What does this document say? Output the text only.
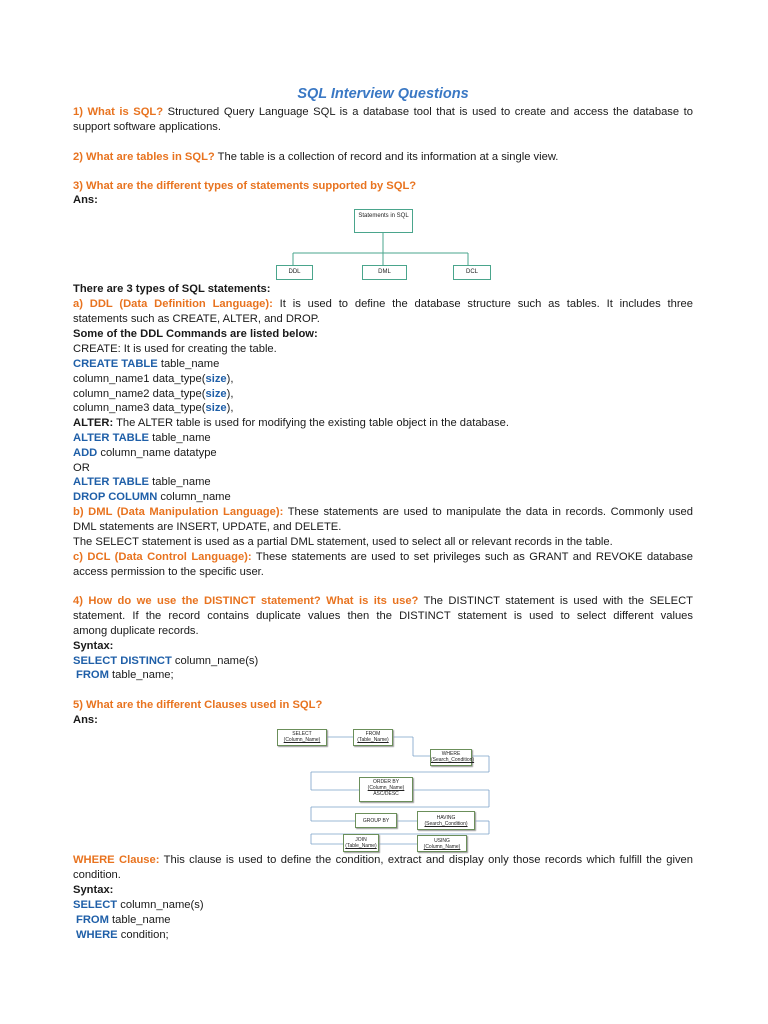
SQL Interview Questions
1) What is SQL? Structured Query Language SQL is a database tool that is used to create and access the database to
support software applications.
2) What are tables in SQL? The table is a collection of record and its information at a single view.
3) What are the different types of statements supported by SQL?
Ans:
Statements in SQL
DDL	DML	DCL
There are 3 types of SQL statements:
a) DDL (Data Definition Language): It is used to define the database structure such as tables. It includes three
statements such as CREATE, ALTER, and DROP.
Some of the DDL Commands are listed below:
CREATE: It is used for creating the table.
CREATE TABLE table_name
column_name1 data_type(size),
column_name2 data_type(size),
column_name3 data_type(size),
ALTER: The ALTER table is used for modifying the existing table object in the database.
ALTER TABLE table_name
ADD column_name datatype
OR
ALTER TABLE table_name
DROP COLUMN column_name
b) DML (Data Manipulation Language): These statements are used to manipulate the data in records. Commonly used
DML statements are INSERT, UPDATE, and DELETE.
The SELECT statement is used as a partial DML statement, used to select all or relevant records in the table.
c) DCL (Data Control Language): These statements are used to set privileges such as GRANT and REVOKE database
access permission to the specific user.
4) How do we use the DISTINCT statement? What is its use? The DISTINCT statement is used with the SELECT
statement. If the record contains duplicate values then the DISTINCT statement is used to select different values
among duplicate records.
Syntax:
SELECT DISTINCT column_name(s)
FROM table_name;
5) What are the different Clauses used in SQL?
Ans:
SELECT
(Column_Name)
FROM
(Table_Name)
WHERE
(Search_Condition)
ORDER BY
(Column_Name)
ASC/DESC
GROUP BY	HAVING
(Search_Condition)
JOIN
(Table_Name)
USING
(Column_Name)
WHERE Clause: This clause is used to define the condition, extract and display only those records which fulfill the given
condition.
Syntax:
SELECT column_name(s)
FROM table_name
WHERE condition;
